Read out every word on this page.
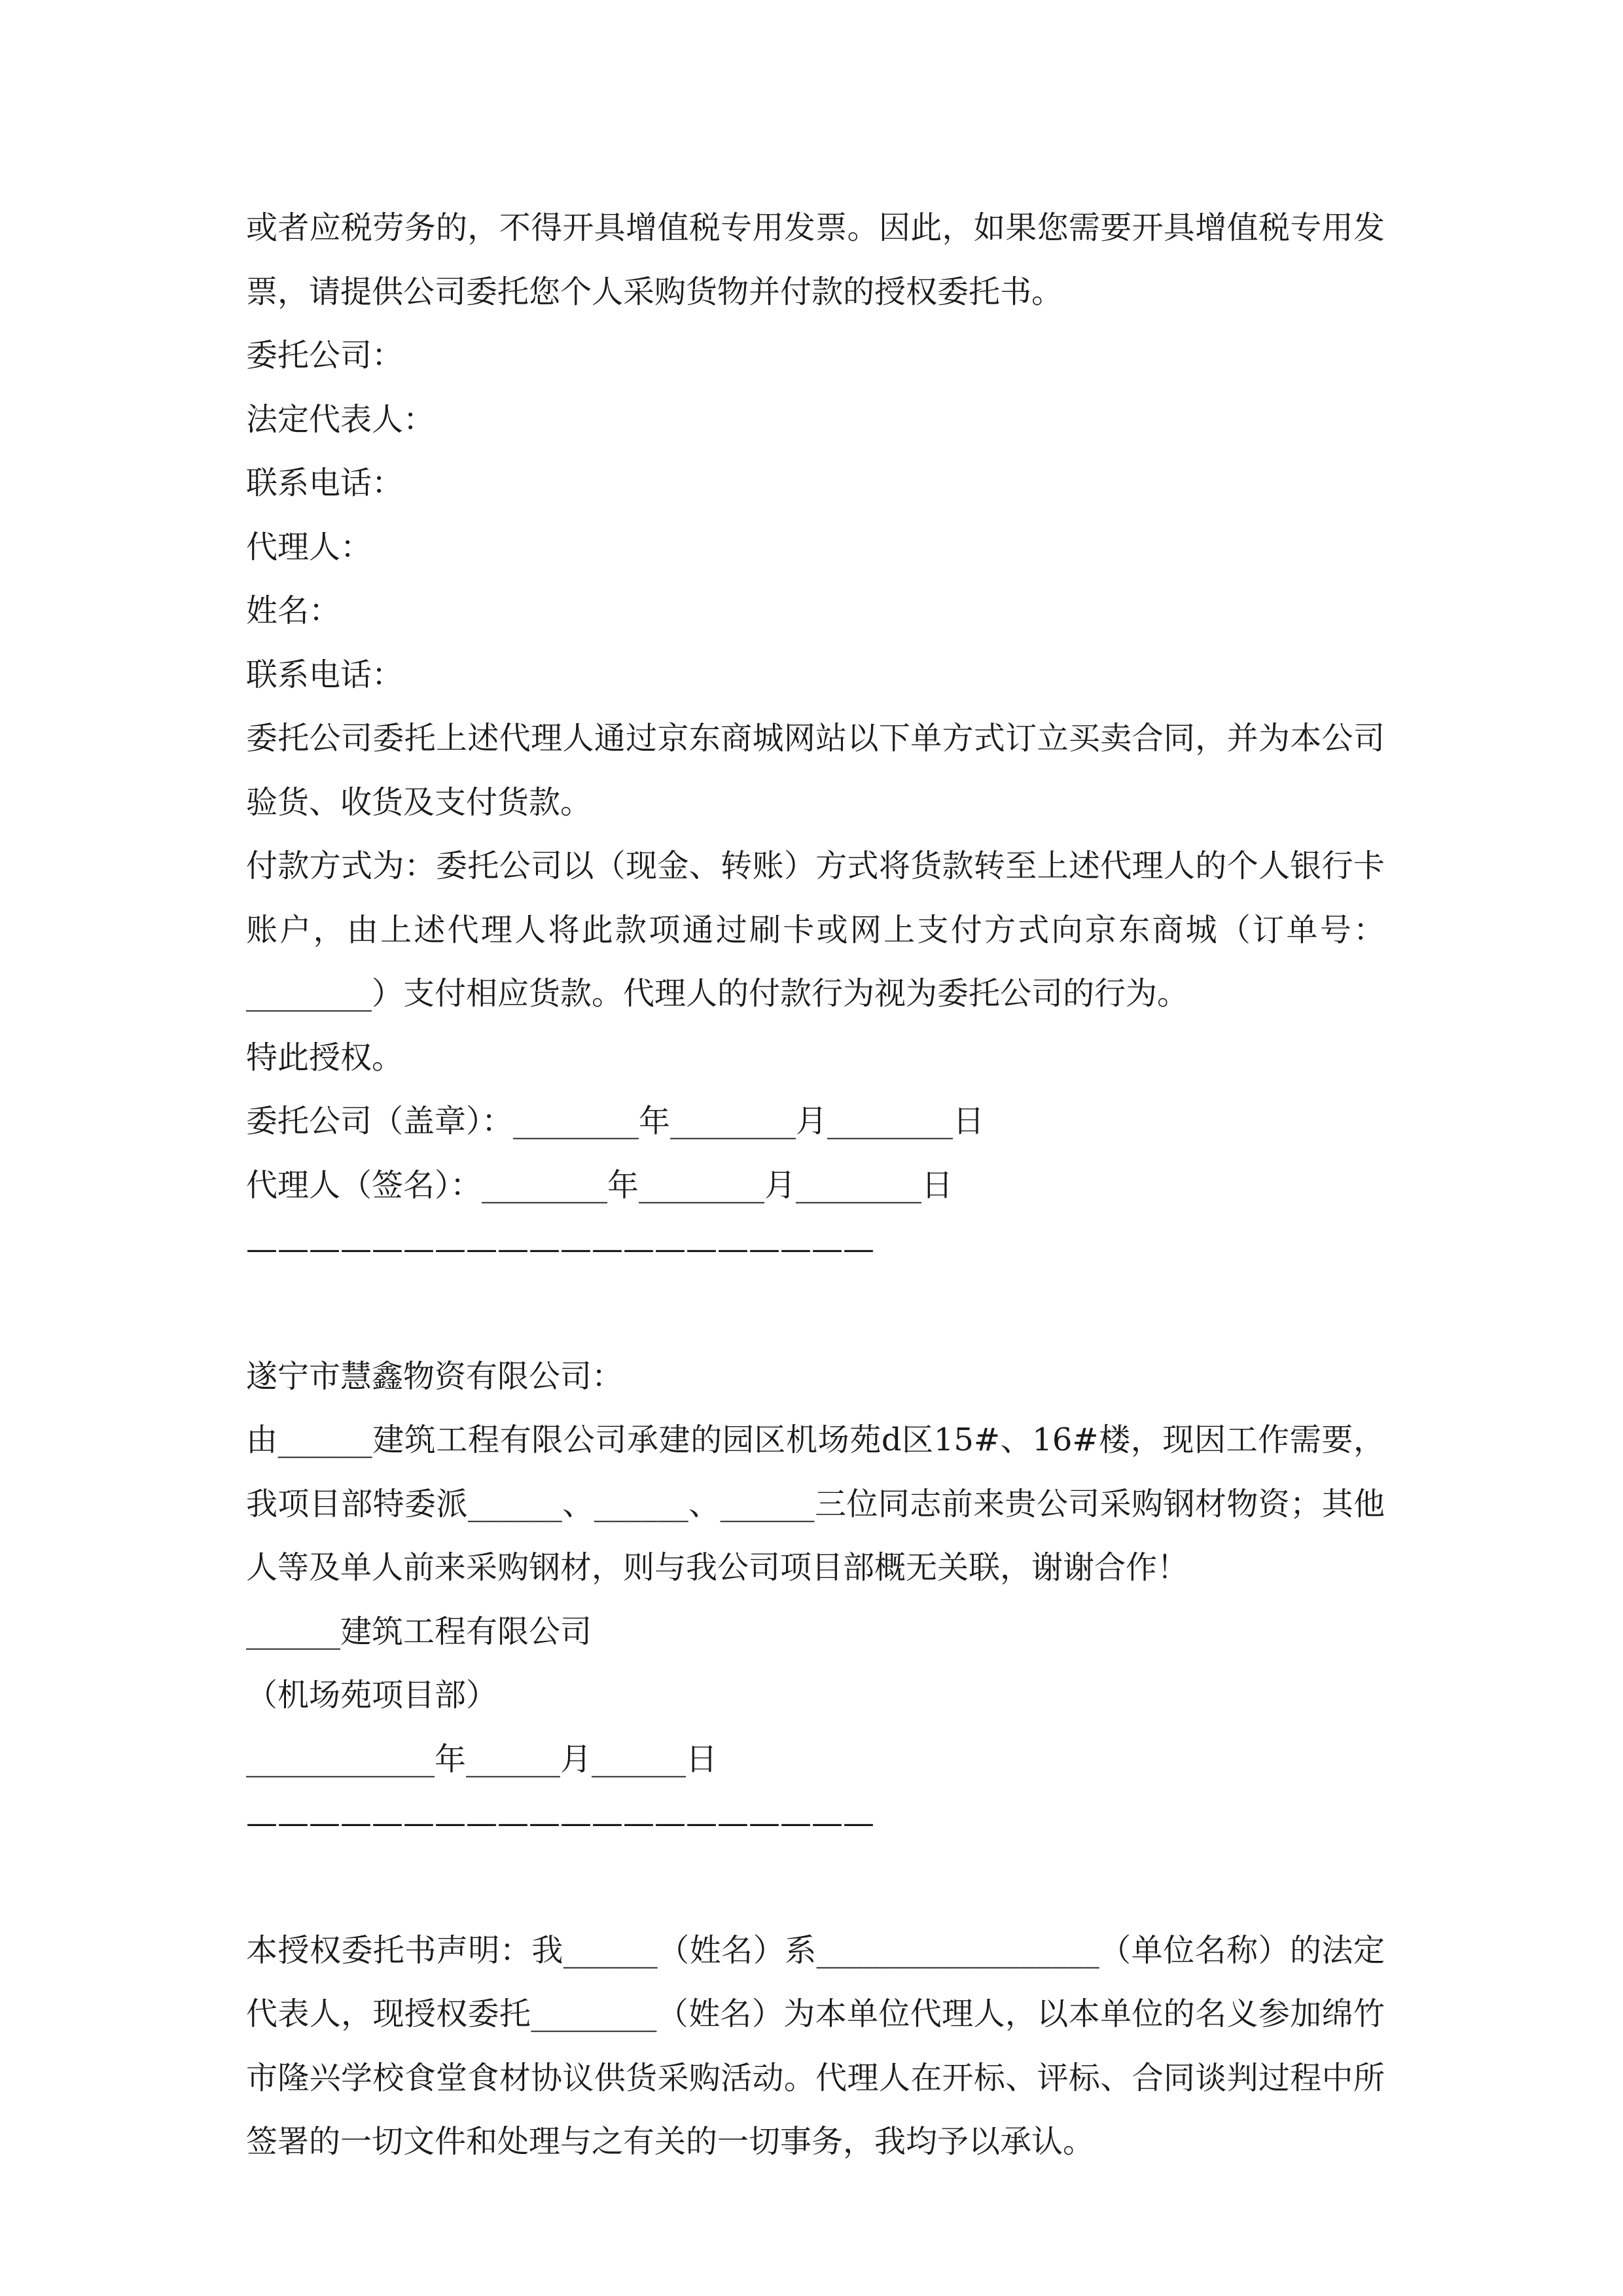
或者应税劳务的，不得开具增值税专用发票。因此，如果您需要开具增值税专用发票，请提供公司委托您个人采购货物并付款的授权委托书。

委托公司：

法定代表人：

联系电话：

代理人：

姓名：

联系电话：

委托公司委托上述代理人通过京东商城网站以下单方式订立买卖合同，并为本公司验货、收货及支付货款。

付款方式为：委托公司以（现金、转账）方式将货款转至上述代理人的个人银行卡账户，由上述代理人将此款项通过刷卡或网上支付方式向京东商城（订单号：________）支付相应货款。代理人的付款行为视为委托公司的行为。

特此授权。

委托公司（盖章）：________年________月________日

代理人（签名）：________年________月________日

————————————————————

遂宁市慧鑫物资有限公司：

由______建筑工程有限公司承建的园区机场苑d区15#、16#楼，现因工作需要，我项目部特委派______、______、______三位同志前来贵公司采购钢材物资；其他人等及单人前来采购钢材，则与我公司项目部概无关联，谢谢合作！

______建筑工程有限公司

（机场苑项目部）

____________年______月______日

————————————————————

本授权委托书声明：我______（姓名）系__________________（单位名称）的法定代表人，现授权委托________（姓名）为本单位代理人，以本单位的名义参加绵竹市隆兴学校食堂食材协议供货采购活动。代理人在开标、评标、合同谈判过程中所签署的一切文件和处理与之有关的一切事务，我均予以承认。
